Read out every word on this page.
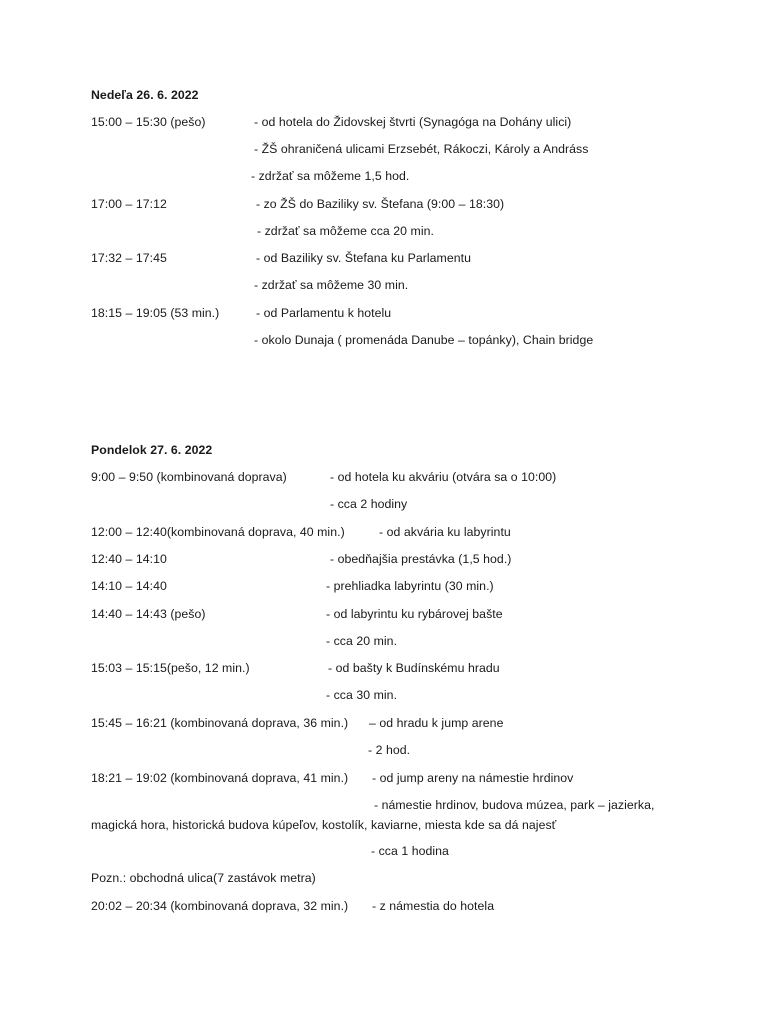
Nedeľa 26. 6. 2022
15:00 – 15:30 (pešo)	- od hotela do Židovskej štvrti (Synagóga na Dohány ulici)
- ŽŠ ohraničená ulicami Erzsebét, Rákoczi, Károly a Andráss
- zdržať sa môžeme 1,5 hod.
17:00 – 17:12	- zo ŽŠ do Baziliky sv. Štefana (9:00 – 18:30)
- zdržať sa môžeme cca 20 min.
17:32 – 17:45	- od Baziliky sv. Štefana ku Parlamentu
- zdržať sa môžeme 30 min.
18:15 – 19:05 (53 min.)	- od Parlamentu k hotelu
- okolo Dunaja ( promenáda Danube – topánky), Chain bridge
Pondelok 27. 6. 2022
9:00 – 9:50 (kombinovaná doprava)	- od hotela ku akváriu (otvára sa o 10:00)
- cca 2 hodiny
12:00 – 12:40(kombinovaná doprava, 40 min.)	- od akvária ku labyrintu
12:40 – 14:10	- obedňajšia prestávka (1,5 hod.)
14:10 – 14:40	- prehliadka labyrintu (30 min.)
14:40 – 14:43 (pešo)	- od labyrintu ku rybárovej bašte
- cca 20 min.
15:03 – 15:15(pešo, 12 min.)	- od bašty k Budínskému hradu
- cca 30 min.
15:45 – 16:21 (kombinovaná doprava, 36 min.) – od hradu k jump arene
- 2 hod.
18:21 – 19:02 (kombinovaná doprava, 41 min.) - od jump areny na námestie hrdinov
- námestie hrdinov, budova múzea, park – jazierka,
magická hora, historická budova kúpeľov, kostolík, kaviarne, miesta kde sa dá najesť
- cca 1 hodina
Pozn.: obchodná ulica(7 zastávok metra)
20:02 – 20:34 (kombinovaná doprava, 32 min.) - z námestia do hotela
